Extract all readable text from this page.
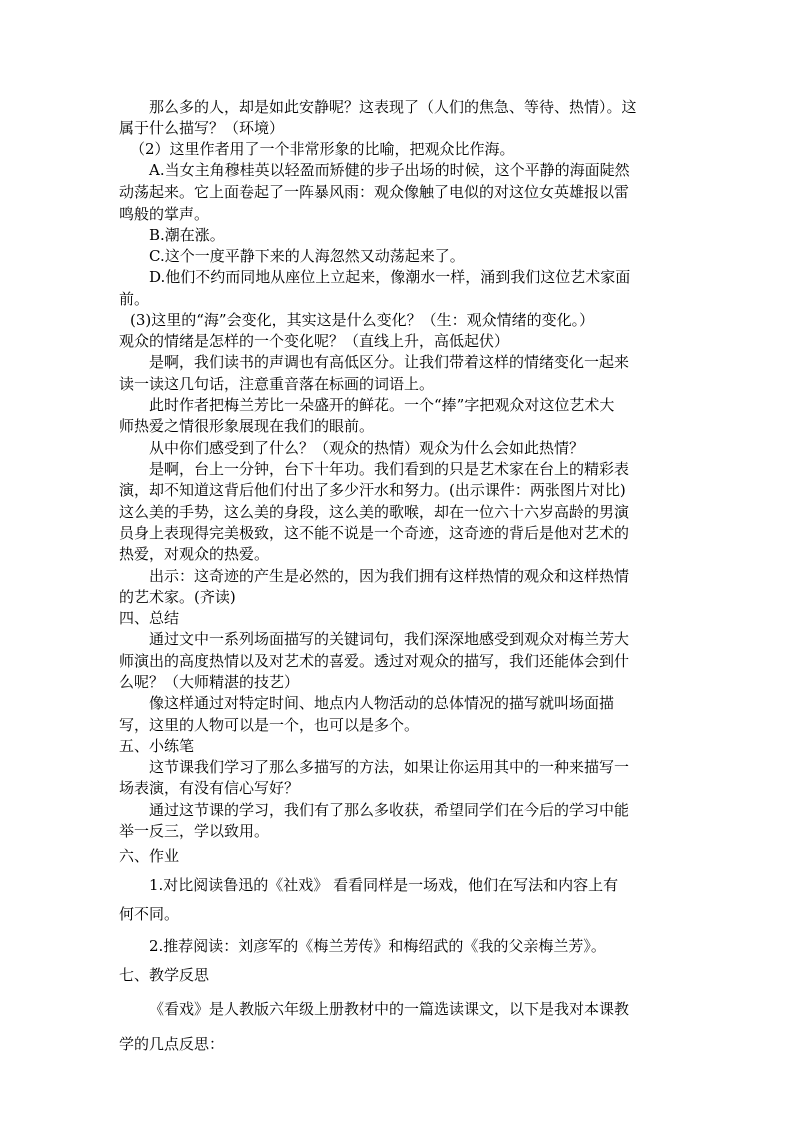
那么多的人，却是如此安静呢？这表现了（人们的焦急、等待、热情）。这
属于什么描写？（环境）
（2）这里作者用了一个非常形象的比喻，把观众比作海。
A.当女主角穆桂英以轻盈而矫健的步子出场的时候，这个平静的海面陡然
动荡起来。它上面卷起了一阵暴风雨：观众像触了电似的对这位女英雄报以雷
鸣般的掌声。
B.潮在涨。
C.这个一度平静下来的人海忽然又动荡起来了。
D.他们不约而同地从座位上立起来，像潮水一样，涌到我们这位艺术家面
前。
(3)这里的“海”会变化，其实这是什么变化？（生：观众情绪的变化。）
观众的情绪是怎样的一个变化呢？（直线上升，高低起伏）
是啊，我们读书的声调也有高低区分。让我们带着这样的情绪变化一起来
读一读这几句话，注意重音落在标画的词语上。
此时作者把梅兰芳比一朵盛开的鲜花。一个“捧”字把观众对这位艺术大
师热爱之情很形象展现在我们的眼前。
从中你们感受到了什么？（观众的热情）观众为什么会如此热情？
是啊，台上一分钟，台下十年功。我们看到的只是艺术家在台上的精彩表
演，却不知道这背后他们付出了多少汗水和努力。(出示课件：两张图片对比)
这么美的手势，这么美的身段，这么美的歌喉，却在一位六十六岁高龄的男演
员身上表现得完美极致，这不能不说是一个奇迹，这奇迹的背后是他对艺术的
热爱，对观众的热爱。
出示：这奇迹的产生是必然的，因为我们拥有这样热情的观众和这样热情
的艺术家。(齐读)
四、总结
通过文中一系列场面描写的关键词句，我们深深地感受到观众对梅兰芳大
师演出的高度热情以及对艺术的喜爱。透过对观众的描写，我们还能体会到什
么呢？（大师精湛的技艺）
像这样通过对特定时间、地点内人物活动的总体情况的描写就叫场面描
写，这里的人物可以是一个，也可以是多个。
五、小练笔
这节课我们学习了那么多描写的方法，如果让你运用其中的一种来描写一
场表演，有没有信心写好？
通过这节课的学习，我们有了那么多收获，希望同学们在今后的学习中能
举一反三，学以致用。
六、作业
1.对比阅读鲁迅的《社戏》 看看同样是一场戏，他们在写法和内容上有
何不同。
2.推荐阅读：刘彦军的《梅兰芳传》和梅绍武的《我的父亲梅兰芳》。
七、教学反思
《看戏》是人教版六年级上册教材中的一篇选读课文，以下是我对本课教
学的几点反思：
